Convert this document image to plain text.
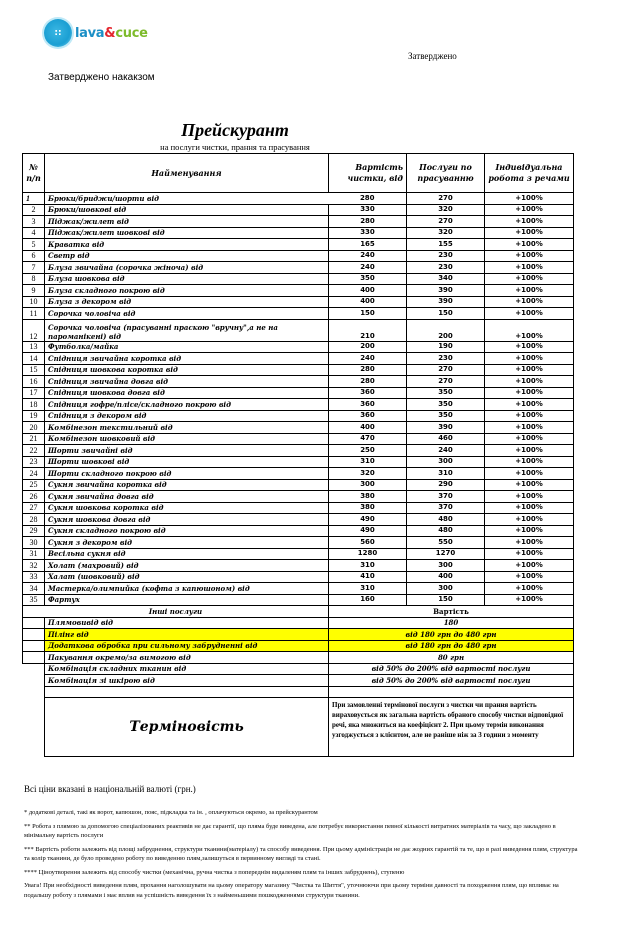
:: lava&cuce
Затверджено
Затверджено накакзом
Прейскурант
на послуги чистки, прання та прасування
№ п/п	Найменування	Вартість чистки, від	Послуги по прасуванню	Індивідуальна робота з речами
1	Брюки/бриджи/шорти від	280	270	+100%
2	Брюки/шовкові від	330	320	+100%
3	Піджак/жилет від	280	270	+100%
4	Піджак/жилет шовкові від	330	320	+100%
5	Краватка від	165	155	+100%
6	Светр від	240	230	+100%
7	Блуза звичайна (сорочка жіноча) від	240	230	+100%
8	Блуза шовкова від	350	340	+100%
9	Блуза складного покрою від	400	390	+100%
10	Блуза з декором від	400	390	+100%
11	Сорочка чоловіча від	150	150	+100%
12	Сорочка чоловіча (прасуванні праскою "вручну",а не на пароманікені) від	210	200	+100%
13	Футболка/майка	200	190	+100%
14	Спідниця звичайна коротка від	240	230	+100%
15	Спідниця шовкова коротка від	280	270	+100%
16	Спідниця звичайна довга від	280	270	+100%
17	Спідниця шовкова довга від	360	350	+100%
18	Спідниця гофре/плісе/складного покрою від	360	350	+100%
19	Спідниця з декором від	360	350	+100%
20	Комбінезон текстильний від	400	390	+100%
21	Комбінезон шовковий від	470	460	+100%
22	Шорти звичайні від	250	240	+100%
23	Шорти шовкові від	310	300	+100%
24	Шорти складного покрою від	320	310	+100%
25	Сукня звичайна коротка від	300	290	+100%
26	Сукня звичайна довга від	380	370	+100%
27	Сукня шовкова коротка від	380	370	+100%
28	Сукня шовкова довга від	490	480	+100%
29	Сукня складного покрою від	490	480	+100%
30	Сукня з декором від	560	550	+100%
31	Весільна сукня від	1280	1270	+100%
32	Холат (махровий) від	310	300	+100%
33	Халат (шовковий) від	410	400	+100%
34	Мастерка/олимпийка (кофта з капюшоном) від	310	300	+100%
35	Фартух	160	150	+100%
Інші послуги		Вартість		
	Плямовивід від	180		
	Пілінг від	від 180 грн до 480 грн		
	Додаткова обробка при сильному забрудненні від	від 180 грн до 480 грн		
	Пакування окремо/за вимогою від	80 грн		
	Комбінація складних тканин від	від 50% до 200% від вартості послуги		
	Комбінація зі шкірою від	від 50% до 200% від вартості послуги		

	Терміновість	При замовленні термінової послуги з чистки чи прання вартість вираховується як загальна вартість обраного способу чистки відповідної речі, яка множиться на коефіцієнт 2. При цьому термін виконання узгоджується з клієнтом, але не раніше ніж за 3 години з моменту		
Всі ціни вказані в національній валюті (грн.)

* додаткові деталі, такі як ворот, капюшон, пояс, підкладка та ін. , оплачуються окремо, за прейскурантом

** Робота з плямою за допомогою спеціалізованих реактивів не дає гарантії, що пляма буде виведена, але потребує використання певної кількості витратних матеріалів та часу, що закладено в мінімальну вартість послуги

*** Вартість роботи залежить від площі забруднення, структури тканини(матеріалу) та способу виведення. При цьому адміністрація не дає жодних гарантій та те, що в разі виведення плям, структура та колір тканини, де було проведено роботу по виведенню плям,залишуться в первинному вигляді та стані.

**** Ціноутворення залежить від способу чистки (механічна, ручна чистка з попереднім видаленям плям та інших забруднень), ступеню

Увага! При необхідності виведення плям, прохання наголошувати на цьому оператору магазину "Чистка та Шиття", уточнюючи при цьому терміни давності та походження плям, що впливає на подальшу роботу з плямами і має вплив на успішність виведення їх з найменьшими пошкодженнями структури тканини.
